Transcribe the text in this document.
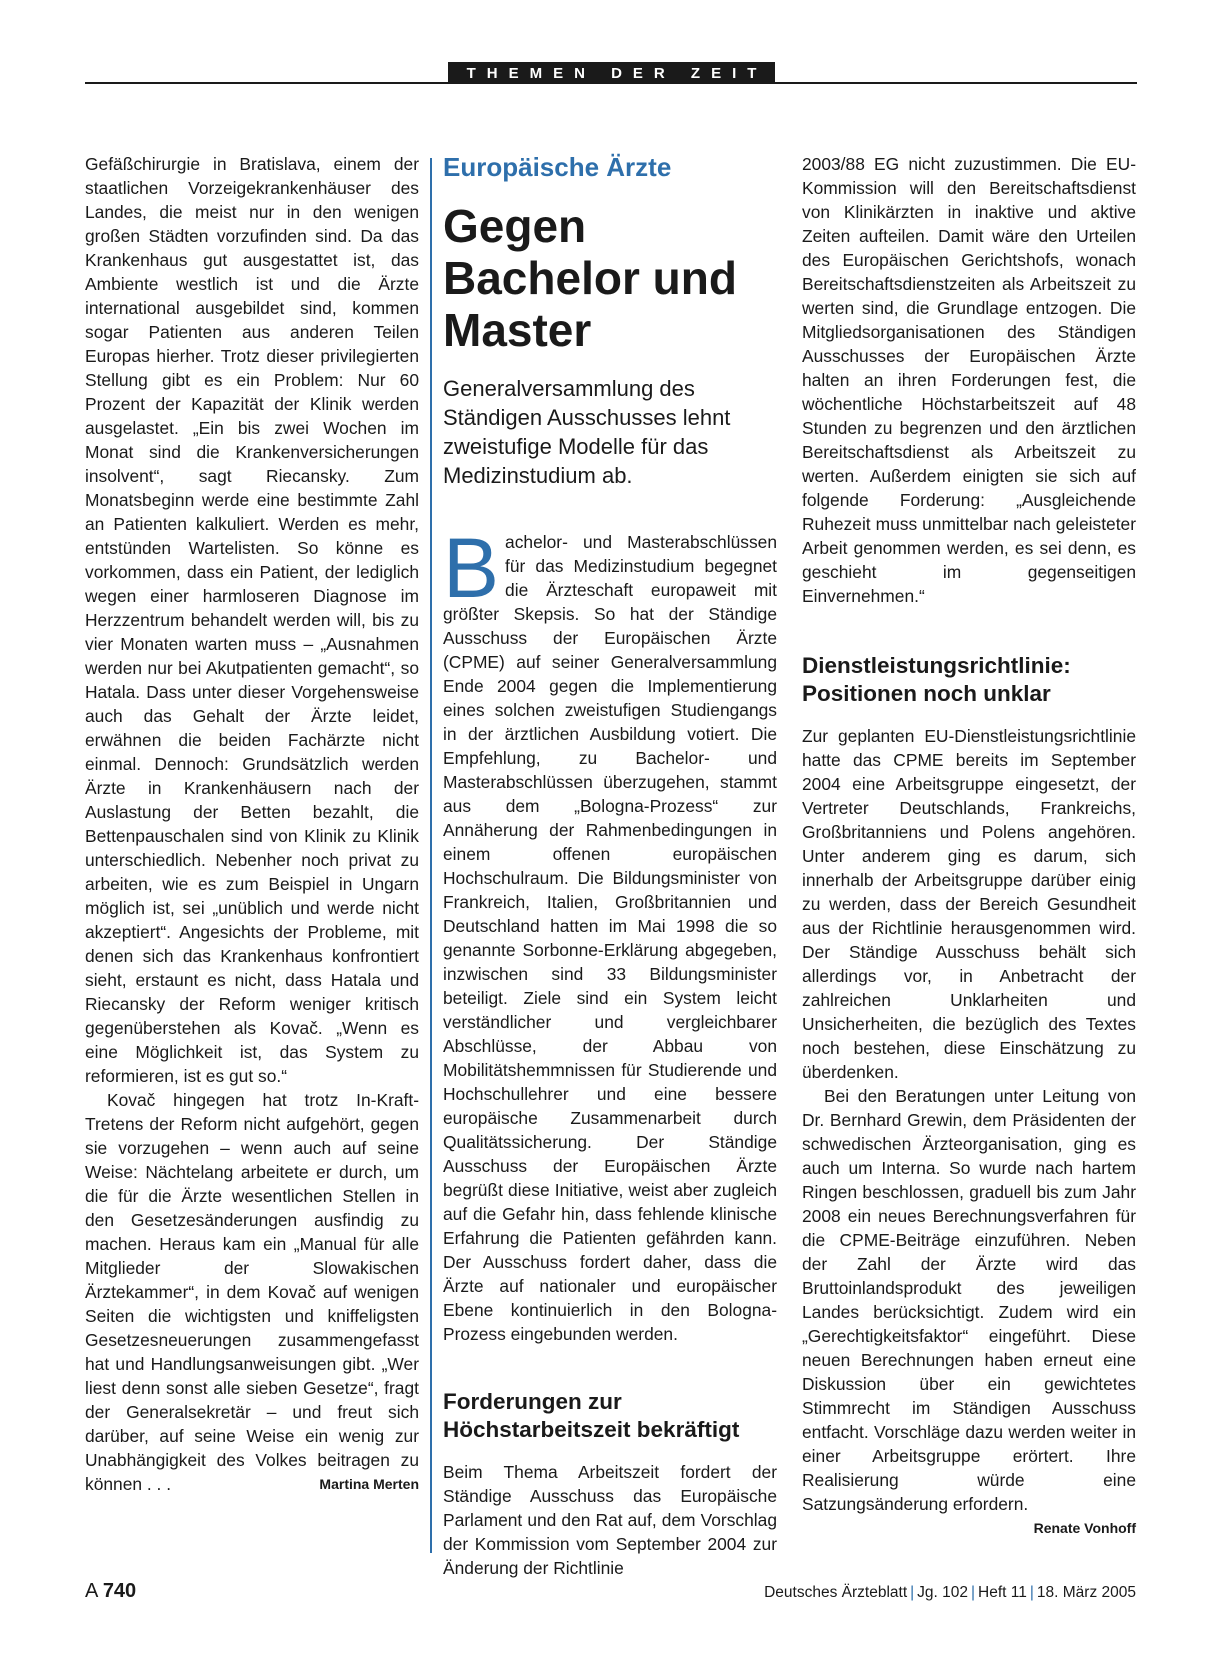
THEMEN DER ZEIT

Gefäßchirurgie in Bratislava, einem der staatlichen Vorzeigekrankenhäuser des Landes, die meist nur in den wenigen großen Städten vorzufinden sind. Da das Krankenhaus gut ausgestattet ist, das Ambiente westlich ist und die Ärzte international ausgebildet sind, kommen sogar Patienten aus anderen Teilen Europas hierher. Trotz dieser privilegierten Stellung gibt es ein Problem: Nur 60 Prozent der Kapazität der Klinik werden ausgelastet. „Ein bis zwei Wochen im Monat sind die Krankenversicherungen insolvent“, sagt Riecansky. Zum Monatsbeginn werde eine bestimmte Zahl an Patienten kalkuliert. Werden es mehr, entstünden Wartelisten. So könne es vorkommen, dass ein Patient, der lediglich wegen einer harmloseren Diagnose im Herzzentrum behandelt werden will, bis zu vier Monaten warten muss – „Ausnahmen werden nur bei Akutpatienten gemacht“, so Hatala. Dass unter dieser Vorgehensweise auch das Gehalt der Ärzte leidet, erwähnen die beiden Fachärzte nicht einmal. Dennoch: Grundsätzlich werden Ärzte in Krankenhäusern nach der Auslastung der Betten bezahlt, die Bettenpauschalen sind von Klinik zu Klinik unterschiedlich. Nebenher noch privat zu arbeiten, wie es zum Beispiel in Ungarn möglich ist, sei „unüblich und werde nicht akzeptiert“. Angesichts der Probleme, mit denen sich das Krankenhaus konfrontiert sieht, erstaunt es nicht, dass Hatala und Riecansky der Reform weniger kritisch gegenüberstehen als Kovač. „Wenn es eine Möglichkeit ist, das System zu reformieren, ist es gut so.“

Kovač hingegen hat trotz In-Kraft-Tretens der Reform nicht aufgehört, gegen sie vorzugehen – wenn auch auf seine Weise: Nächtelang arbeitete er durch, um die für die Ärzte wesentlichen Stellen in den Gesetzesänderungen ausfindig zu machen. Heraus kam ein „Manual für alle Mitglieder der Slowakischen Ärztekammer“, in dem Kovač auf wenigen Seiten die wichtigsten und kniffeligsten Gesetzesneuerungen zusammengefasst hat und Handlungsanweisungen gibt. „Wer liest denn sonst alle sieben Gesetze“, fragt der Generalsekretär – und freut sich darüber, auf seine Weise ein wenig zur Unabhängigkeit des Volkes beitragen zu können . . .	Martina Merten

Europäische Ärzte
Gegen Bachelor und Master
Generalversammlung des Ständigen Ausschusses lehnt zweistufige Modelle für das Medizinstudium ab.

Bachelor- und Masterabschlüssen für das Medizinstudium begegnet die Ärzteschaft europaweit mit größter Skepsis. So hat der Ständige Ausschuss der Europäischen Ärzte (CPME) auf seiner Generalversammlung Ende 2004 gegen die Implementierung eines solchen zweistufigen Studiengangs in der ärztlichen Ausbildung votiert. Die Empfehlung, zu Bachelor- und Masterabschlüssen überzugehen, stammt aus dem „Bologna-Prozess“ zur Annäherung der Rahmenbedingungen in einem offenen europäischen Hochschulraum. Die Bildungsminister von Frankreich, Italien, Großbritannien und Deutschland hatten im Mai 1998 die so genannte Sorbonne-Erklärung abgegeben, inzwischen sind 33 Bildungsminister beteiligt. Ziele sind ein System leicht verständlicher und vergleichbarer Abschlüsse, der Abbau von Mobilitätshemmnissen für Studierende und Hochschullehrer und eine bessere europäische Zusammenarbeit durch Qualitätssicherung. Der Ständige Ausschuss der Europäischen Ärzte begrüßt diese Initiative, weist aber zugleich auf die Gefahr hin, dass fehlende klinische Erfahrung die Patienten gefährden kann. Der Ausschuss fordert daher, dass die Ärzte auf nationaler und europäischer Ebene kontinuierlich in den Bologna-Prozess eingebunden werden.

Forderungen zur Höchstarbeitszeit bekräftigt

Beim Thema Arbeitszeit fordert der Ständige Ausschuss das Europäische Parlament und den Rat auf, dem Vorschlag der Kommission vom September 2004 zur Änderung der Richtlinie

2003/88 EG nicht zuzustimmen. Die EU-Kommission will den Bereitschaftsdienst von Klinikärzten in inaktive und aktive Zeiten aufteilen. Damit wäre den Urteilen des Europäischen Gerichtshofs, wonach Bereitschaftsdienstzeiten als Arbeitszeit zu werten sind, die Grundlage entzogen. Die Mitgliedsorganisationen des Ständigen Ausschusses der Europäischen Ärzte halten an ihren Forderungen fest, die wöchentliche Höchstarbeitszeit auf 48 Stunden zu begrenzen und den ärztlichen Bereitschaftsdienst als Arbeitszeit zu werten. Außerdem einigten sie sich auf folgende Forderung: „Ausgleichende Ruhezeit muss unmittelbar nach geleisteter Arbeit genommen werden, es sei denn, es geschieht im gegenseitigen Einvernehmen.“

Dienstleistungsrichtlinie: Positionen noch unklar

Zur geplanten EU-Dienstleistungsrichtlinie hatte das CPME bereits im September 2004 eine Arbeitsgruppe eingesetzt, der Vertreter Deutschlands, Frankreichs, Großbritanniens und Polens angehören. Unter anderem ging es darum, sich innerhalb der Arbeitsgruppe darüber einig zu werden, dass der Bereich Gesundheit aus der Richtlinie herausgenommen wird. Der Ständige Ausschuss behält sich allerdings vor, in Anbetracht der zahlreichen Unklarheiten und Unsicherheiten, die bezüglich des Textes noch bestehen, diese Einschätzung zu überdenken.

Bei den Beratungen unter Leitung von Dr. Bernhard Grewin, dem Präsidenten der schwedischen Ärzteorganisation, ging es auch um Interna. So wurde nach hartem Ringen beschlossen, graduell bis zum Jahr 2008 ein neues Berechnungsverfahren für die CPME-Beiträge einzuführen. Neben der Zahl der Ärzte wird das Bruttoinlandsprodukt des jeweiligen Landes berücksichtigt. Zudem wird ein „Gerechtigkeitsfaktor“ eingeführt. Diese neuen Berechnungen haben erneut eine Diskussion über ein gewichtetes Stimmrecht im Ständigen Ausschuss entfacht. Vorschläge dazu werden weiter in einer Arbeitsgruppe erörtert. Ihre Realisierung würde eine Satzungsänderung erfordern.
Renate Vonhoff

A 740	Deutsches Ärzteblatt | Jg. 102 | Heft 11 | 18. März 2005
